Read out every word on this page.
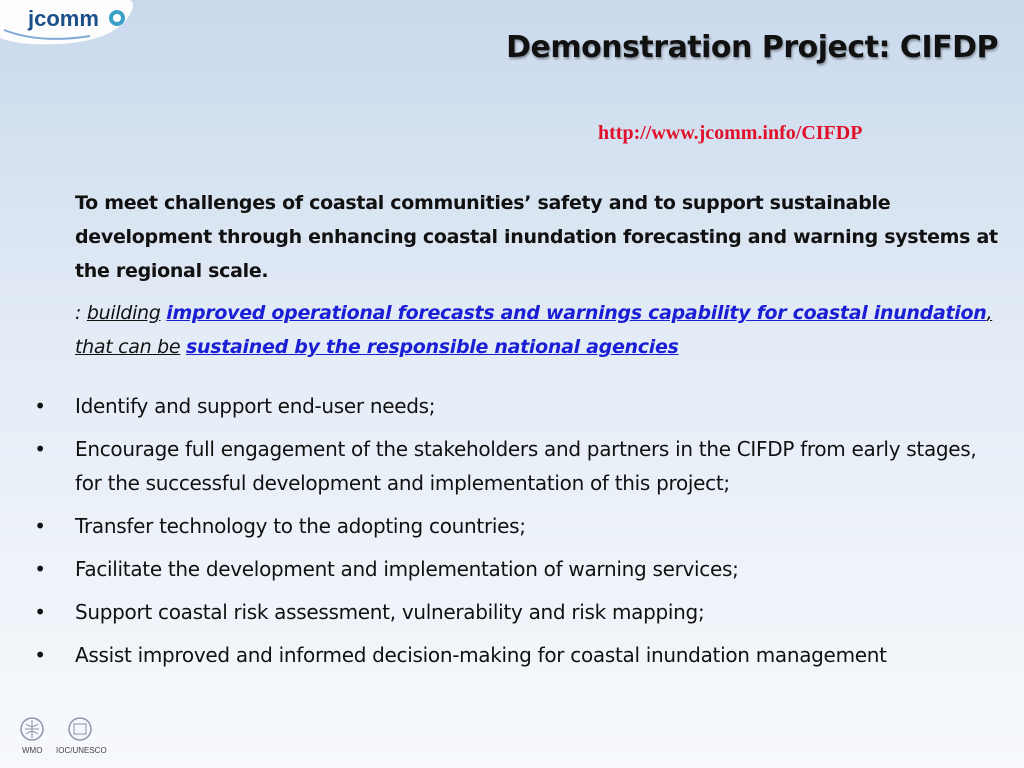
jcomm
Demonstration Project: CIFDP
http://www.jcomm.info/CIFDP
To meet challenges of coastal communities’ safety and to support sustainable development through enhancing coastal inundation forecasting and warning systems at the regional scale.
: building improved operational forecasts and warnings capability for coastal inundation, that can be sustained by the responsible national agencies
• Identify and support end-user needs;
• Encourage full engagement of the stakeholders and partners in the CIFDP from early stages, for the successful development and implementation of this project;
• Transfer technology to the adopting countries;
• Facilitate the development and implementation of warning services;
• Support coastal risk assessment, vulnerability and risk mapping;
• Assist improved and informed decision-making for coastal inundation management
WMO IOC/UNESCO
